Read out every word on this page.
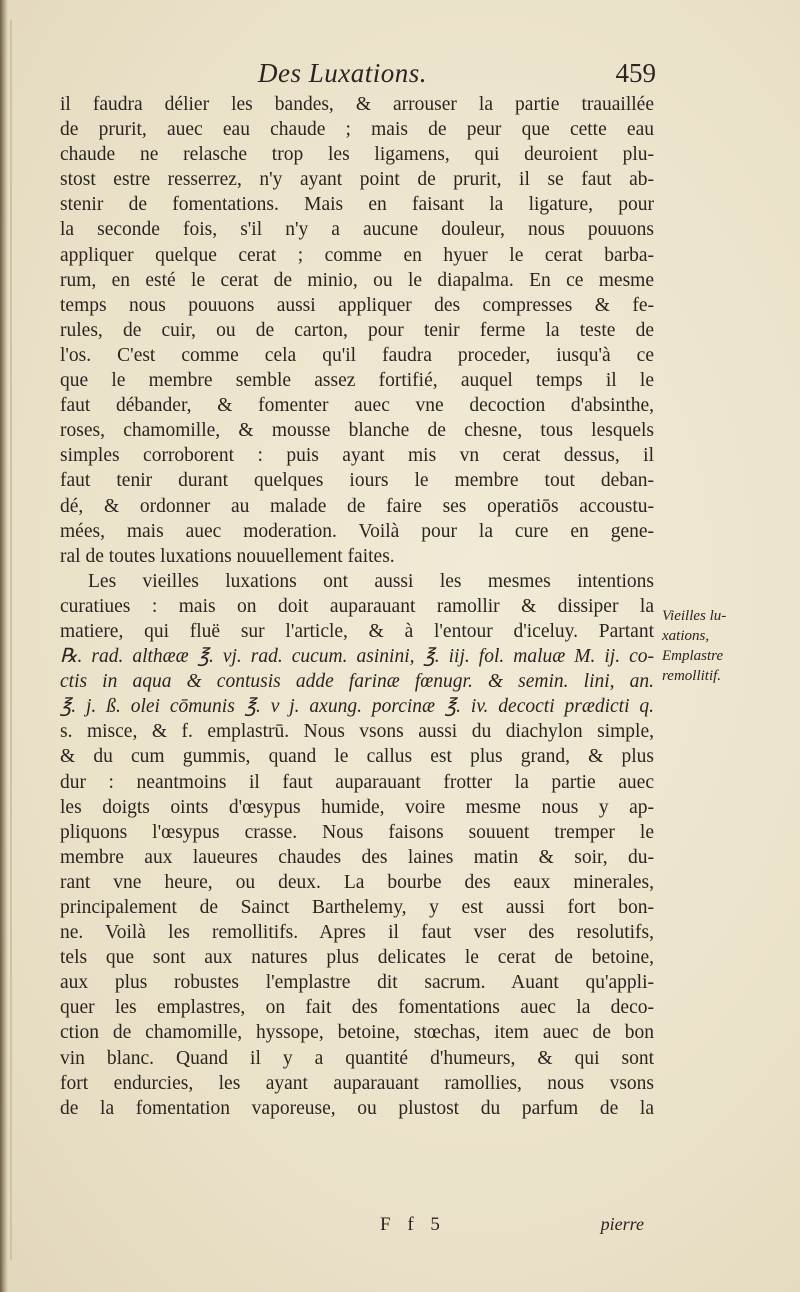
Des Luxations.	459
il faudra délier les bandes, & arrouser la partie trauaillée
de prurit, auec eau chaude ; mais de peur que cette eau
chaude ne relasche trop les ligamens, qui deuroient plu-
stost estre resserrez, n'y ayant point de prurit, il se faut ab-
stenir de fomentations. Mais en faisant la ligature, pour
la seconde fois, s'il n'y a aucune douleur, nous pouuons
appliquer quelque cerat ; comme en hyuer le cerat barba-
rum, en esté le cerat de minio, ou le diapalma. En ce mesme
temps nous pouuons aussi appliquer des compresses & fe-
rules, de cuir, ou de carton, pour tenir ferme la teste de
l'os. C'est comme cela qu'il faudra proceder, iusqu'à ce
que le membre semble assez fortifié, auquel temps il le
faut débander, & fomenter auec vne decoction d'absinthe,
roses, chamomille, & mousse blanche de chesne, tous lesquels
simples corroborent : puis ayant mis vn cerat dessus, il
faut tenir durant quelques iours le membre tout deban-
dé, & ordonner au malade de faire ses operatiōs accoustu-
mées, mais auec moderation. Voilà pour la cure en gene-
ral de toutes luxations nouuellement faites.
Les vieilles luxations ont aussi les mesmes intentions
curatiues : mais on doit auparauant ramollir & dissiper la
matiere, qui fluë sur l'article, & à l'entour d'iceluy. Partant
℞. rad. althææ ℥. vj. rad. cucum. asinini, ℥. iij. fol. maluæ M. ij. co-
ctis in aqua & contusis adde farinæ fœnugr. & semin. lini, an.
℥. j. ß. olei cōmunis ℥. v j. axung. porcinæ ℥. iv. decocti prædicti q.
s. misce, & f. emplastrū. Nous vsons aussi du diachylon simple,
& du cum gummis, quand le callus est plus grand, & plus
dur : neantmoins il faut auparauant frotter la partie auec
les doigts oints d'œsypus humide, voire mesme nous y ap-
pliquons l'œsypus crasse. Nous faisons souuent tremper le
membre aux laueures chaudes des laines matin & soir, du-
rant vne heure, ou deux. La bourbe des eaux minerales,
principalement de Sainct Barthelemy, y est aussi fort bon-
ne. Voilà les remollitifs. Apres il faut vser des resolutifs,
tels que sont aux natures plus delicates le cerat de betoine,
aux plus robustes l'emplastre dit sacrum. Auant qu'appli-
quer les emplastres, on fait des fomentations auec la deco-
ction de chamomille, hyssope, betoine, stœchas, item auec de bon
vin blanc. Quand il y a quantité d'humeurs, & qui sont
fort endurcies, les ayant auparauant ramollies, nous vsons
de la fomentation vaporeuse, ou plustost du parfum de la
Vieilles lu-
xations,
Emplastre
remollitif.
F f 5	pierre
